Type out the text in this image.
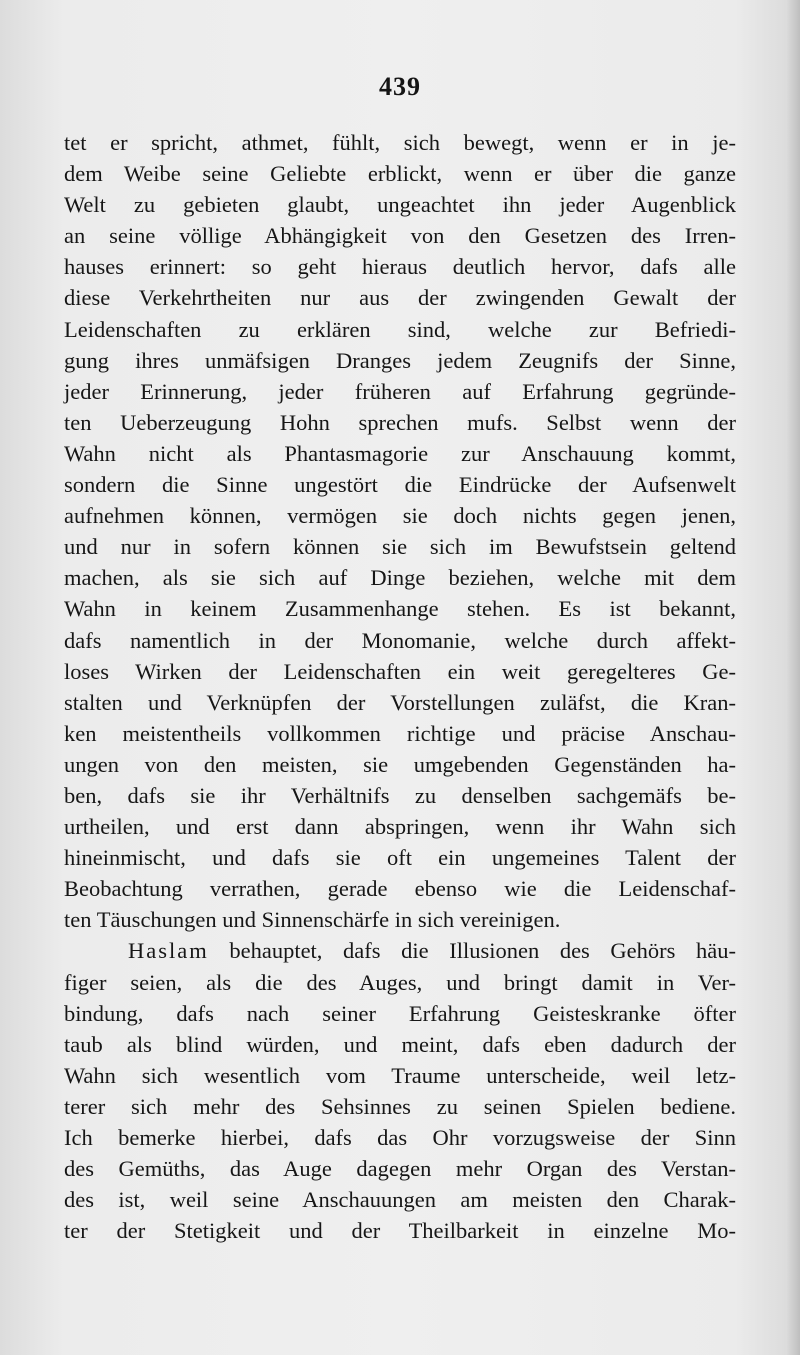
439
tet er spricht, athmet, fühlt, sich bewegt, wenn er in je-
dem Weibe seine Geliebte erblickt, wenn er über die ganze
Welt zu gebieten glaubt, ungeachtet ihn jeder Augenblick
an seine völlige Abhängigkeit von den Gesetzen des Irren-
hauses erinnert: so geht hieraus deutlich hervor, dafs alle
diese Verkehrtheiten nur aus der zwingenden Gewalt der
Leidenschaften zu erklären sind, welche zur Befriedi-
gung ihres unmäfsigen Dranges jedem Zeugnifs der Sinne,
jeder Erinnerung, jeder früheren auf Erfahrung gegründe-
ten Ueberzeugung Hohn sprechen mufs. Selbst wenn der
Wahn nicht als Phantasmagorie zur Anschauung kommt,
sondern die Sinne ungestört die Eindrücke der Aufsenwelt
aufnehmen können, vermögen sie doch nichts gegen jenen,
und nur in sofern können sie sich im Bewufstsein geltend
machen, als sie sich auf Dinge beziehen, welche mit dem
Wahn in keinem Zusammenhange stehen. Es ist bekannt,
dafs namentlich in der Monomanie, welche durch affekt-
loses Wirken der Leidenschaften ein weit geregelteres Ge-
stalten und Verknüpfen der Vorstellungen zuläfst, die Kran-
ken meistentheils vollkommen richtige und präcise Anschau-
ungen von den meisten, sie umgebenden Gegenständen ha-
ben, dafs sie ihr Verhältnifs zu denselben sachgemäfs be-
urtheilen, und erst dann abspringen, wenn ihr Wahn sich
hineinmischt, und dafs sie oft ein ungemeines Talent der
Beobachtung verrathen, gerade ebenso wie die Leidenschaf-
ten Täuschungen und Sinnenschärfe in sich vereinigen.
Haslam behauptet, dafs die Illusionen des Gehörs häu-
figer seien, als die des Auges, und bringt damit in Ver-
bindung, dafs nach seiner Erfahrung Geisteskranke öfter
taub als blind würden, und meint, dafs eben dadurch der
Wahn sich wesentlich vom Traume unterscheide, weil letz-
terer sich mehr des Sehsinnes zu seinen Spielen bediene.
Ich bemerke hierbei, dafs das Ohr vorzugsweise der Sinn
des Gemüths, das Auge dagegen mehr Organ des Verstan-
des ist, weil seine Anschauungen am meisten den Charak-
ter der Stetigkeit und der Theilbarkeit in einzelne Mo-
